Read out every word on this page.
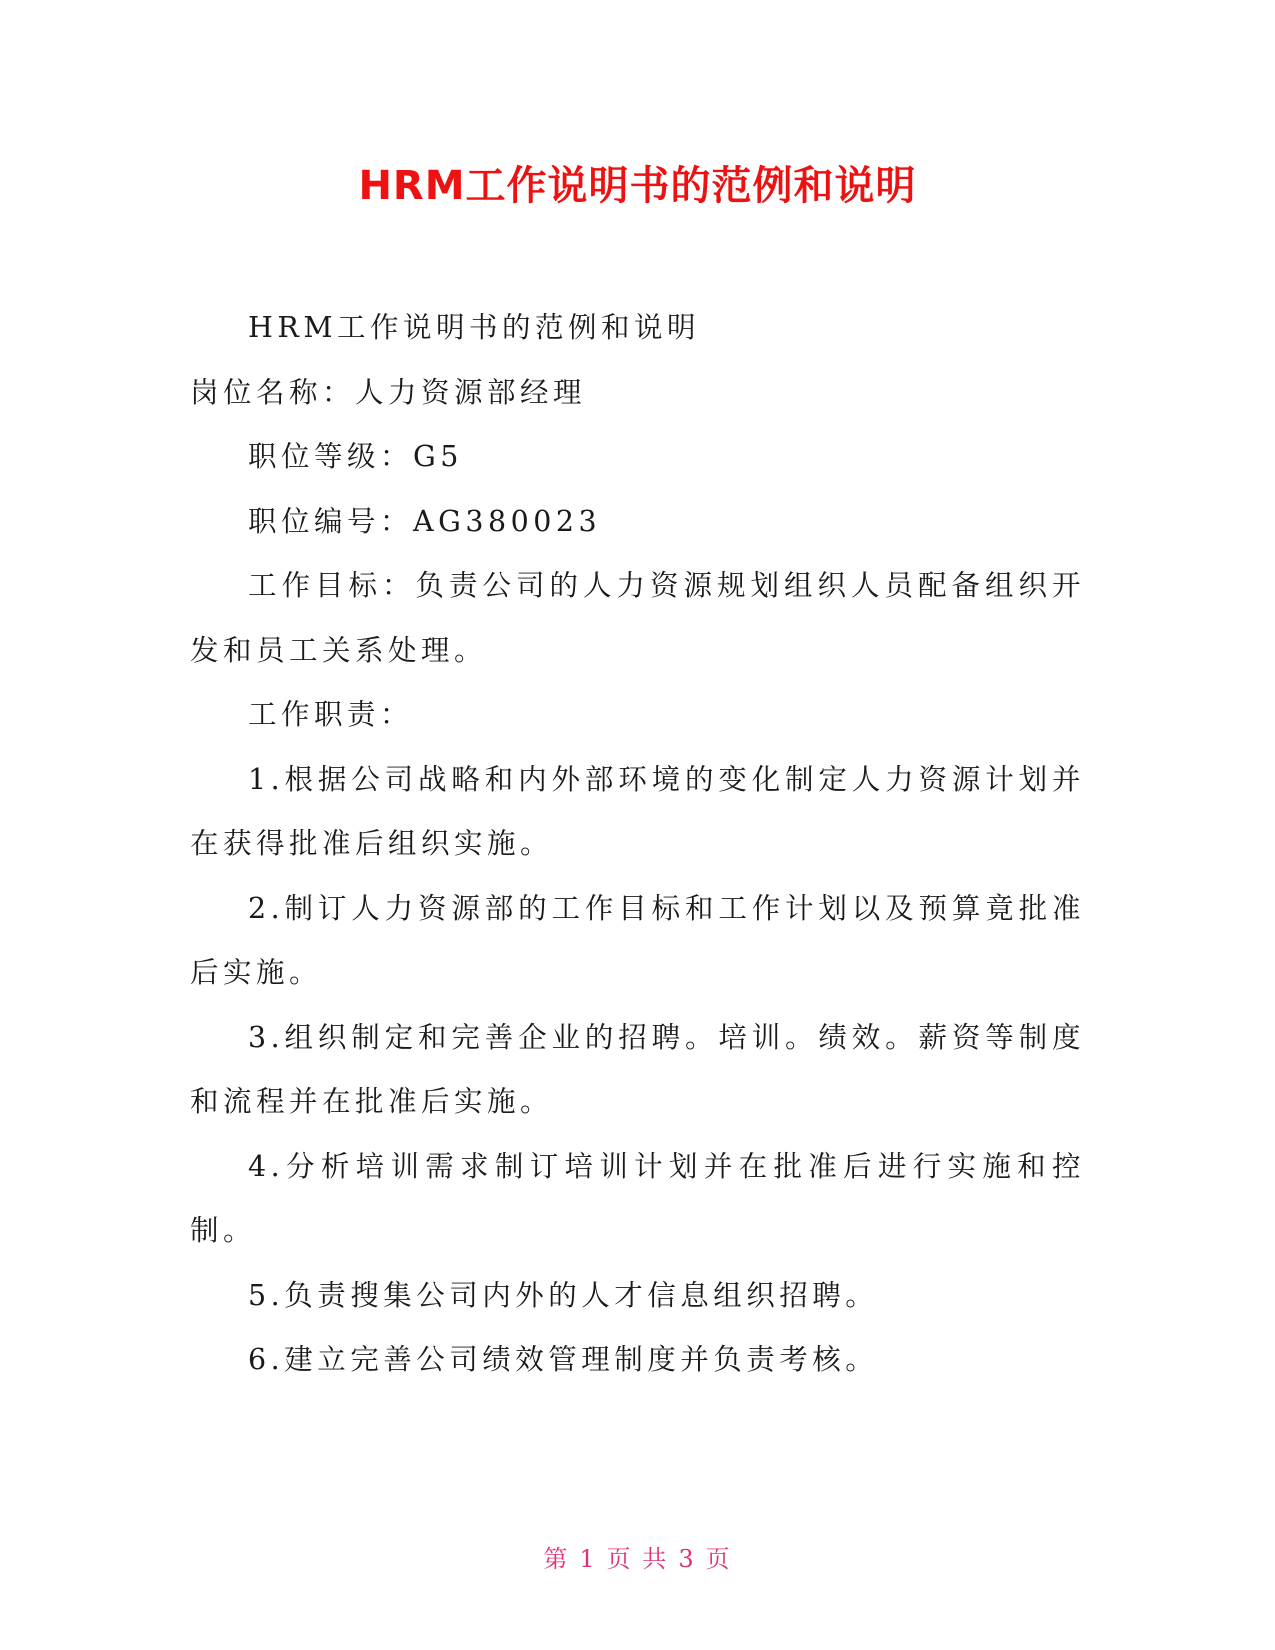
HRM工作说明书的范例和说明

HRM工作说明书的范例和说明

岗位名称：人力资源部经理

职位等级：G5

职位编号：AG380023

工作目标：负责公司的人力资源规划组织人员配备组织开发和员工关系处理。

工作职责：

1.根据公司战略和内外部环境的变化制定人力资源计划并在获得批准后组织实施。

2.制订人力资源部的工作目标和工作计划以及预算竟批准后实施。

3.组织制定和完善企业的招聘。培训。绩效。薪资等制度和流程并在批准后实施。

4.分析培训需求制订培训计划并在批准后进行实施和控制。

5.负责搜集公司内外的人才信息组织招聘。

6.建立完善公司绩效管理制度并负责考核。

第 1 页 共 3 页
